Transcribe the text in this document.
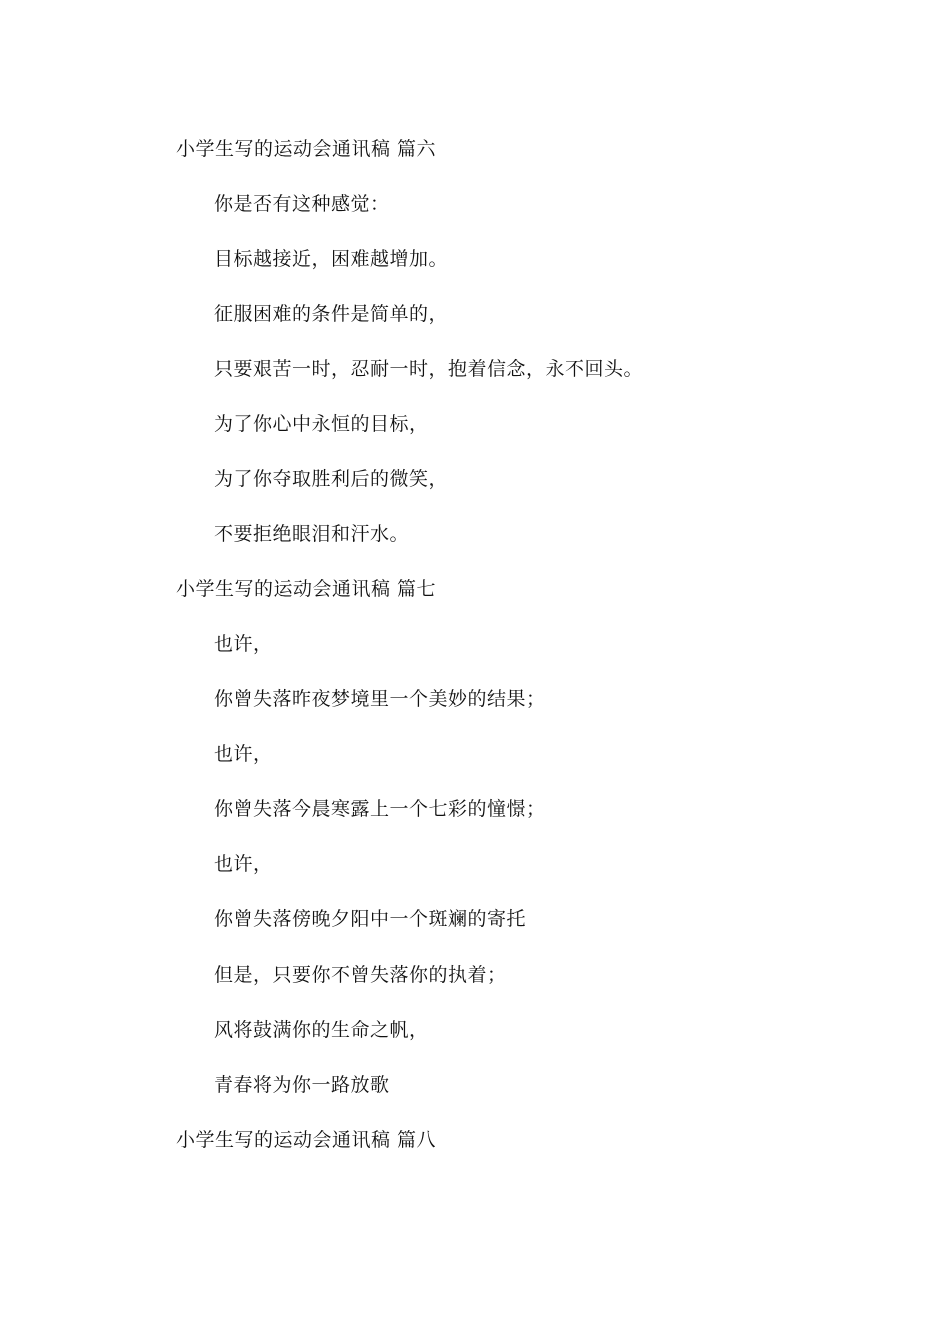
小学生写的运动会通讯稿 篇六
你是否有这种感觉：
目标越接近，困难越增加。
征服困难的条件是简单的，
只要艰苦一时，忍耐一时，抱着信念，永不回头。
为了你心中永恒的目标，
为了你夺取胜利后的微笑，
不要拒绝眼泪和汗水。
小学生写的运动会通讯稿 篇七
也许，
你曾失落昨夜梦境里一个美妙的结果；
也许，
你曾失落今晨寒露上一个七彩的憧憬；
也许，
你曾失落傍晚夕阳中一个斑斓的寄托
但是，只要你不曾失落你的执着；
风将鼓满你的生命之帆，
青春将为你一路放歌
小学生写的运动会通讯稿 篇八
